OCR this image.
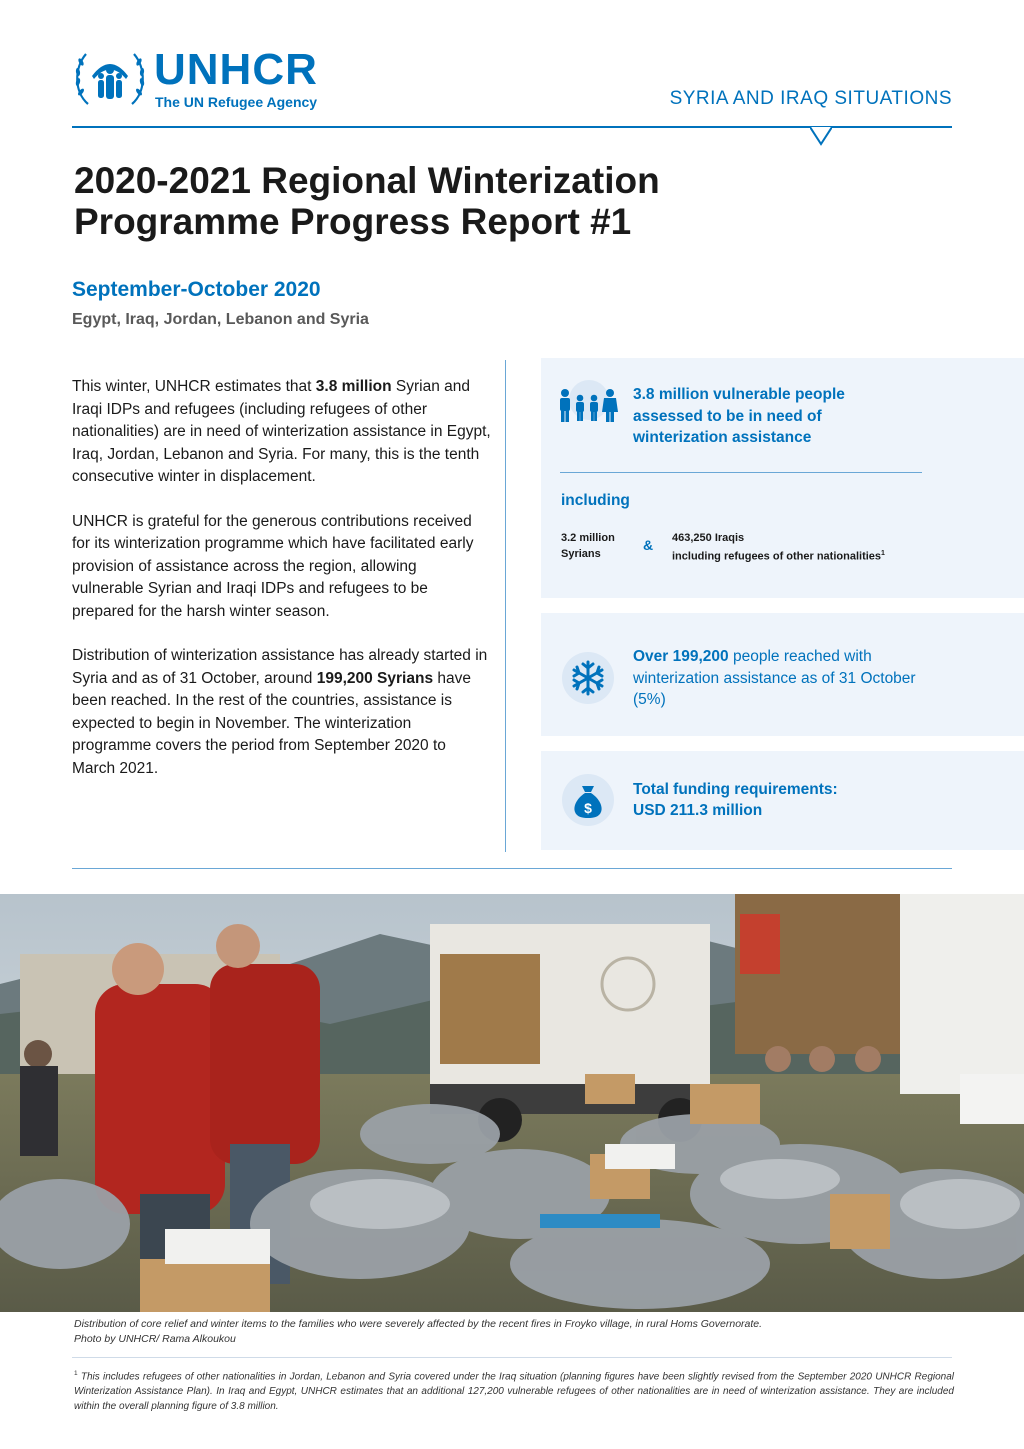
UNHCR
The UN Refugee Agency	SYRIA AND IRAQ SITUATIONS
2020-2021 Regional Winterization
Programme Progress Report #1
September-October 2020
Egypt, Iraq, Jordan, Lebanon and Syria

This winter, UNHCR estimates that 3.8 million Syrian and Iraqi IDPs and refugees (including refugees of other nationalities) are in need of winterization assistance in Egypt, Iraq, Jordan, Lebanon and Syria. For many, this is the tenth consecutive winter in displacement.

UNHCR is grateful for the generous contributions received for its winterization programme which have facilitated early provision of assistance across the region, allowing vulnerable Syrian and Iraqi IDPs and refugees to be prepared for the harsh winter season.

Distribution of winterization assistance has already started in Syria and as of 31 October, around 199,200 Syrians have been reached. In the rest of the countries, assistance is expected to begin in November. The winterization programme covers the period from September 2020 to March 2021.

3.8 million vulnerable people assessed to be in need of winterization assistance
including
3.2 million
Syrians
& 463,250 Iraqis
including refugees of other nationalities$^1$
Over 199,200 people reached with winterization assistance as of 31 October (5%)
$
Total funding requirements:
USD 211.3 million
Distribution of core relief and winter items to the families who were severely affected by the recent fires in Froyko village, in rural Homs Governorate.
Photo by UNHCR/ Rama Alkoukou
$^1$ This includes refugees of other nationalities in Jordan, Lebanon and Syria covered under the Iraq situation (planning figures have been slightly revised from the September 2020 UNHCR Regional Winterization Assistance Plan). In Iraq and Egypt, UNHCR estimates that an additional 127,200 vulnerable refugees of other nationalities are in need of winterization assistance. They are included within the overall planning figure of 3.8 million.
